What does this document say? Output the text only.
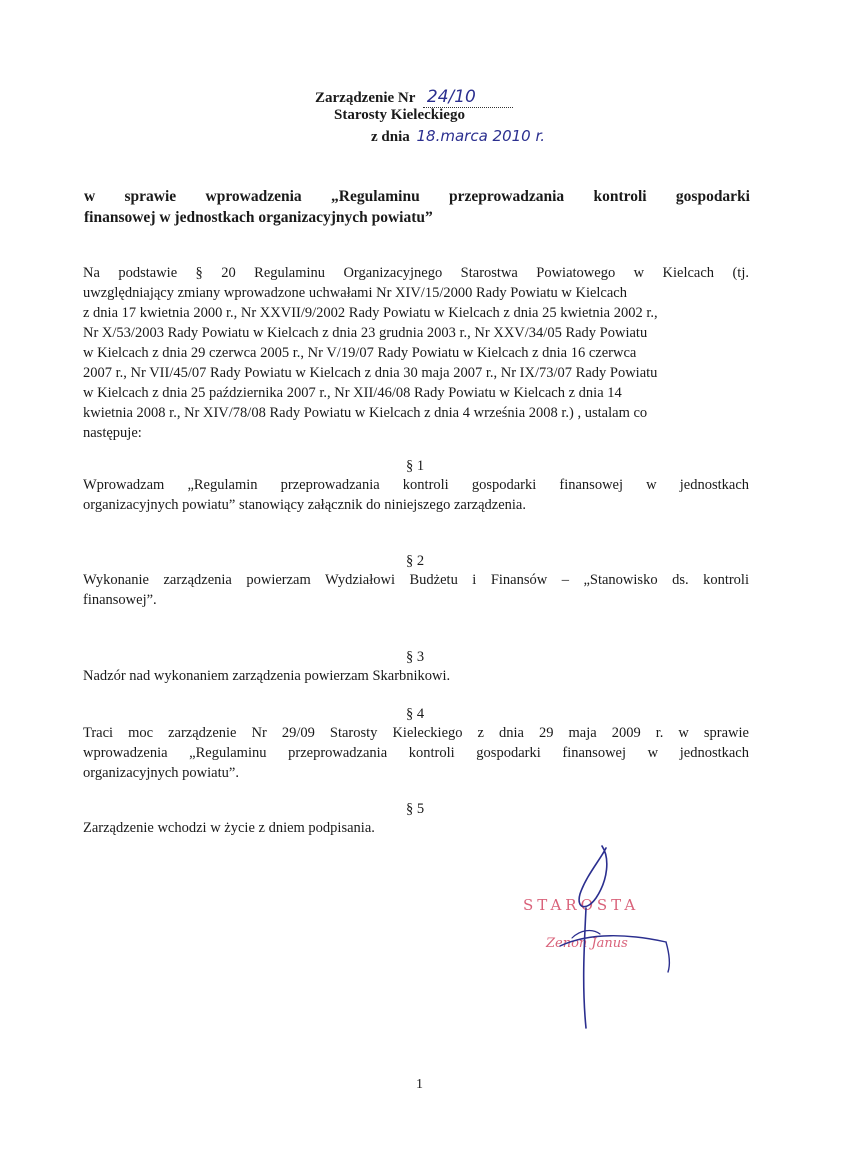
Zarządzenie Nr 24/10
Starosty Kieleckiego
z dnia 18.marca 2010 r.
w sprawie wprowadzenia „Regulaminu przeprowadzania kontroli gospodarki
finansowej w jednostkach organizacyjnych powiatu”
Na podstawie § 20 Regulaminu Organizacyjnego Starostwa Powiatowego w Kielcach (tj.
uwzględniający zmiany wprowadzone uchwałami Nr XIV/15/2000 Rady Powiatu w Kielcach
z dnia 17 kwietnia 2000 r., Nr XXVII/9/2002 Rady Powiatu w Kielcach z dnia 25 kwietnia 2002 r.,
Nr X/53/2003 Rady Powiatu w Kielcach z dnia 23 grudnia 2003 r., Nr XXV/34/05 Rady Powiatu
w Kielcach z dnia 29 czerwca 2005 r., Nr V/19/07 Rady Powiatu w Kielcach z dnia 16 czerwca
2007 r., Nr VII/45/07 Rady Powiatu w Kielcach z dnia 30 maja 2007 r., Nr IX/73/07 Rady Powiatu
w Kielcach z dnia 25 października 2007 r., Nr XII/46/08 Rady Powiatu w Kielcach z dnia 14
kwietnia 2008 r., Nr XIV/78/08 Rady Powiatu w Kielcach z dnia 4 września 2008 r.) , ustalam co
następuje:
§ 1
Wprowadzam „Regulamin przeprowadzania kontroli gospodarki finansowej w jednostkach
organizacyjnych powiatu” stanowiący załącznik do niniejszego zarządzenia.
§ 2
Wykonanie zarządzenia powierzam Wydziałowi Budżetu i Finansów – „Stanowisko ds. kontroli
finansowej”.
§ 3
Nadzór nad wykonaniem zarządzenia powierzam Skarbnikowi.
§ 4
Traci moc zarządzenie Nr 29/09 Starosty Kieleckiego z dnia 29 maja 2009 r. w sprawie
wprowadzenia „Regulaminu przeprowadzania kontroli gospodarki finansowej w jednostkach
organizacyjnych powiatu”.
§ 5
Zarządzenie wchodzi w życie z dniem podpisania.
STAROSTA
Zenon Janus
1
